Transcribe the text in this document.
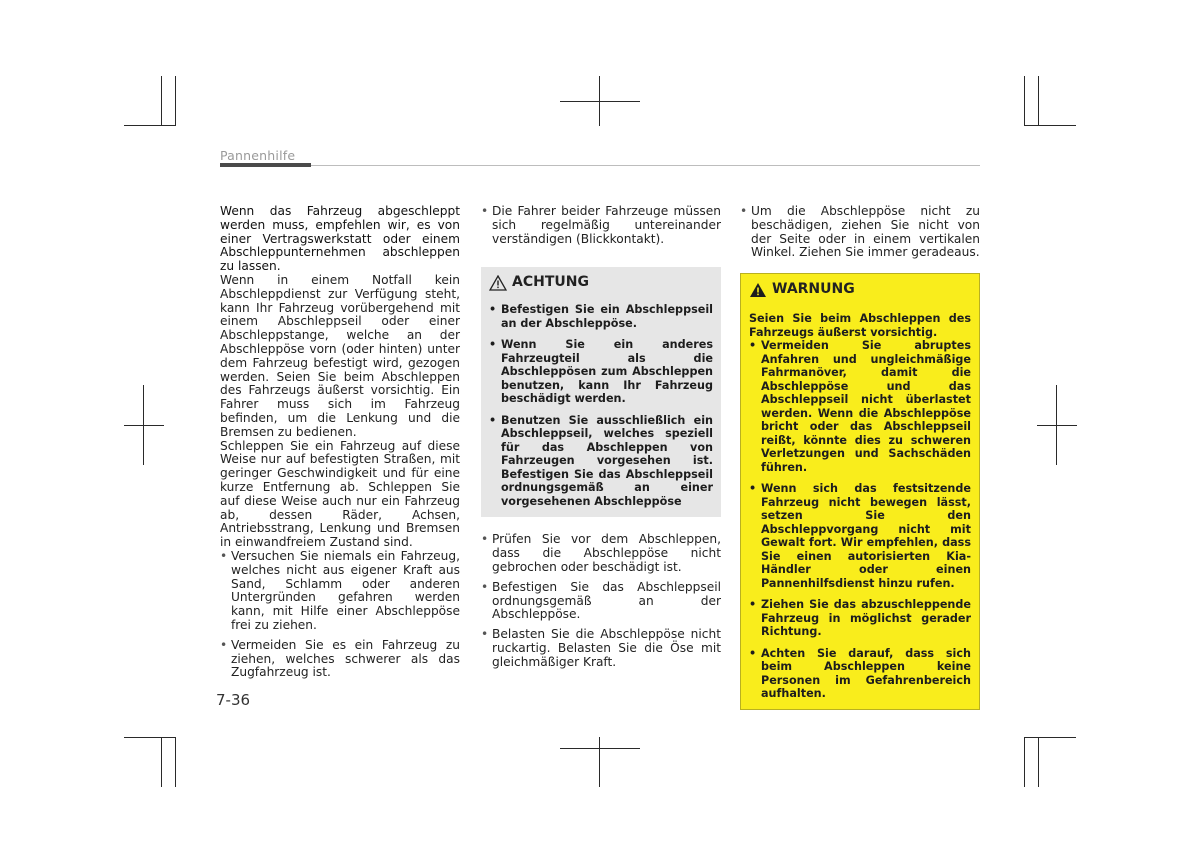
Pannenhilfe

Wenn das Fahrzeug abgeschleppt werden muss, empfehlen wir, es von einer Vertragswerkstatt oder einem Abschleppunternehmen abschleppen zu lassen.

Wenn in einem Notfall kein Abschleppdienst zur Verfügung steht, kann Ihr Fahrzeug vorübergehend mit einem Abschleppseil oder einer Abschleppstange, welche an der Abschleppöse vorn (oder hinten) unter dem Fahrzeug befestigt wird, gezogen werden. Seien Sie beim Abschleppen des Fahrzeugs äußerst vorsichtig. Ein Fahrer muss sich im Fahrzeug befinden, um die Lenkung und die Bremsen zu bedienen.

Schleppen Sie ein Fahrzeug auf diese Weise nur auf befestigten Straßen, mit geringer Geschwindigkeit und für eine kurze Entfernung ab. Schleppen Sie auf diese Weise auch nur ein Fahrzeug ab, dessen Räder, Achsen, Antriebsstrang, Lenkung und Bremsen in einwandfreiem Zustand sind.

• Versuchen Sie niemals ein Fahrzeug, welches nicht aus eigener Kraft aus Sand, Schlamm oder anderen Untergründen gefahren werden kann, mit Hilfe einer Abschleppöse frei zu ziehen.
• Vermeiden Sie es ein Fahrzeug zu ziehen, welches schwerer als das Zugfahrzeug ist.
• Die Fahrer beider Fahrzeuge müssen sich regelmäßig untereinander verständigen (Blickkontakt).
ACHTUNG
• Befestigen Sie ein Abschleppseil an der Abschleppöse.
• Wenn Sie ein anderes Fahrzeugteil als die Abschleppösen zum Abschleppen benutzen, kann Ihr Fahrzeug beschädigt werden.
• Benutzen Sie ausschließlich ein Abschleppseil, welches speziell für das Abschleppen von Fahrzeugen vorgesehen ist. Befestigen Sie das Abschleppseil ordnungsgemäß an einer vorgesehenen Abschleppöse
• Prüfen Sie vor dem Abschleppen, dass die Abschleppöse nicht gebrochen oder beschädigt ist.
• Befestigen Sie das Abschleppseil ordnungsgemäß an der Abschleppöse.
• Belasten Sie die Abschleppöse nicht ruckartig. Belasten Sie die Öse mit gleichmäßiger Kraft.
• Um die Abschleppöse nicht zu beschädigen, ziehen Sie nicht von der Seite oder in einem vertikalen Winkel. Ziehen Sie immer geradeaus.
WARNUNG

Seien Sie beim Abschleppen des Fahrzeugs äußerst vorsichtig.

• Vermeiden Sie abruptes Anfahren und ungleichmäßige Fahrmanöver, damit die Abschleppöse und das Abschleppseil nicht überlastet werden. Wenn die Abschleppöse bricht oder das Abschleppseil reißt, könnte dies zu schweren Verletzungen und Sachschäden führen.
• Wenn sich das festsitzende Fahrzeug nicht bewegen lässt, setzen Sie den Abschleppvorgang nicht mit Gewalt fort. Wir empfehlen, dass Sie einen autorisierten Kia-Händler oder einen Pannenhilfsdienst hinzu rufen.
• Ziehen Sie das abzuschleppende Fahrzeug in möglichst gerader Richtung.
• Achten Sie darauf, dass sich beim Abschleppen keine Personen im Gefahrenbereich aufhalten.
7-36
